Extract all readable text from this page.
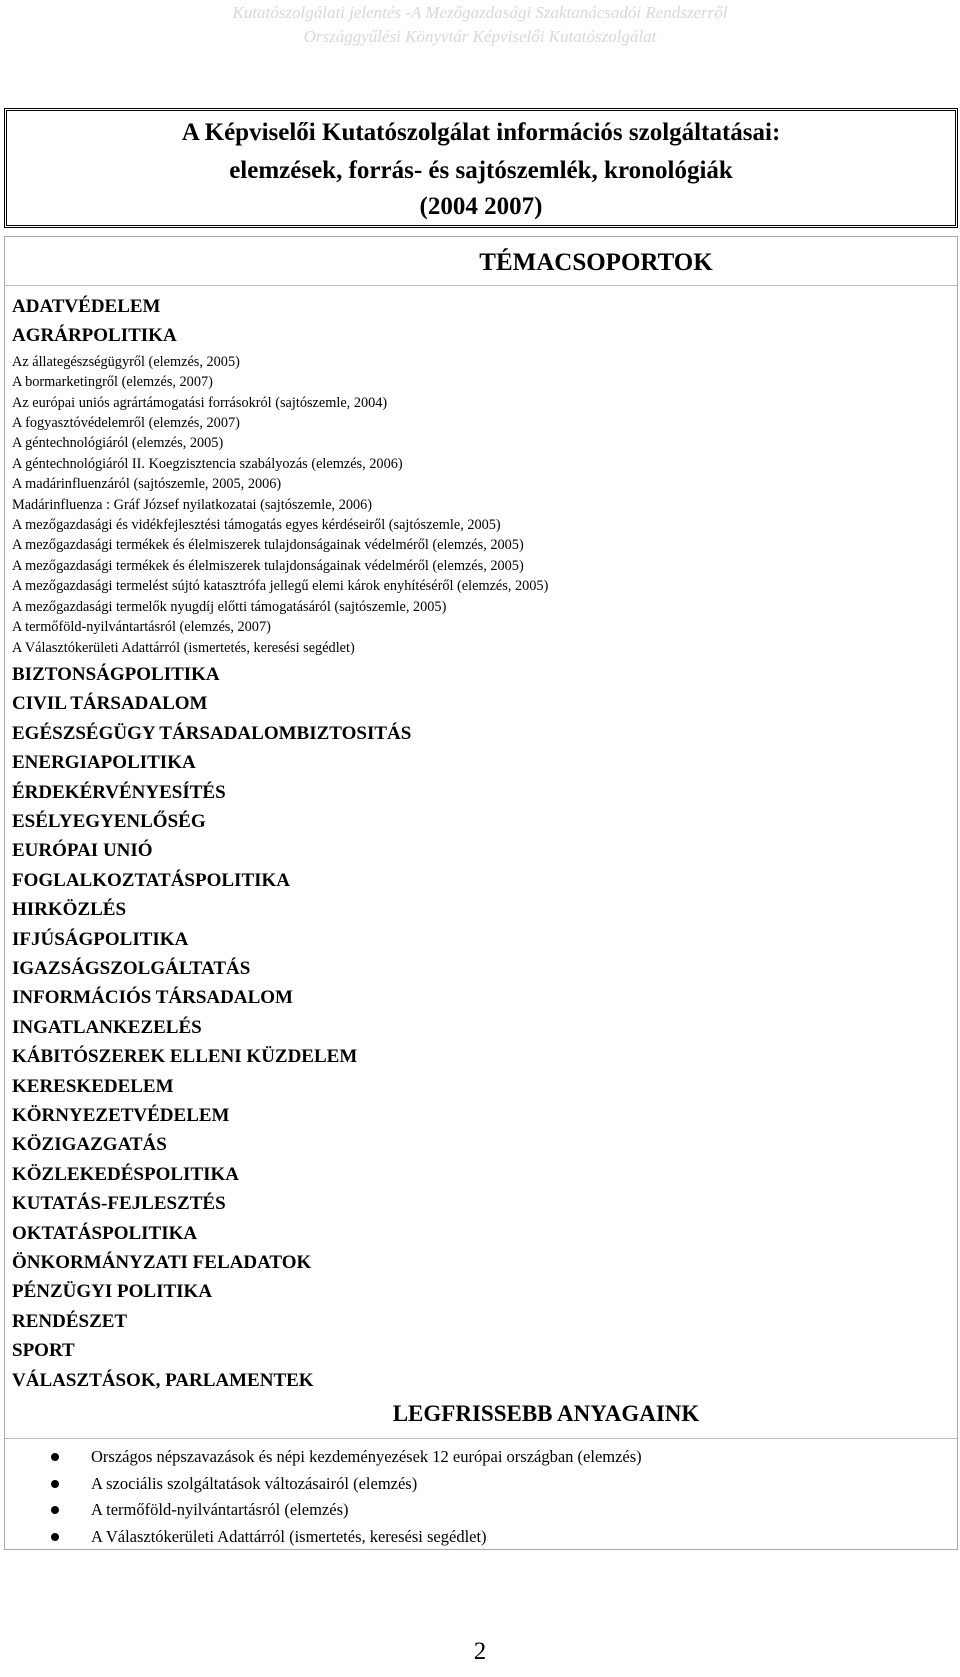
Kutatószolgálati jelentés -A Mezőgazdasági Szaktanácsadói Rendszerről
Országgyűlési Könyvtár Képviselői Kutatószolgálat
A Képviselői Kutatószolgálat információs szolgáltatásai:
elemzések, forrás- és sajtószemlék, kronológiák
(2004 2007)
TÉMACSOPORTOK
ADATVÉDELEM
AGRÁRPOLITIKA
Az állategészségügyről (elemzés, 2005)
A bormarketingről (elemzés, 2007)
Az európai uniós agrártámogatási forrásokról (sajtószemle, 2004)
A fogyasztóvédelemről (elemzés, 2007)
A géntechnológiáról (elemzés, 2005)
A géntechnológiáról II. Koegzisztencia szabályozás (elemzés, 2006)
A madárinfluenzáról (sajtószemle, 2005, 2006)
Madárinfluenza : Gráf József nyilatkozatai (sajtószemle, 2006)
A mezőgazdasági és vidékfejlesztési támogatás egyes kérdéseiről (sajtószemle, 2005)
A mezőgazdasági termékek és élelmiszerek tulajdonságainak védelméről (elemzés, 2005)
A mezőgazdasági termékek és élelmiszerek tulajdonságainak védelméről (elemzés, 2005)
A mezőgazdasági termelést sújtó katasztrófa jellegű elemi károk enyhítéséről (elemzés, 2005)
A mezőgazdasági termelők nyugdíj előtti támogatásáról (sajtószemle, 2005)
A termőföld-nyilvántartásról (elemzés, 2007)
A Választókerületi Adattárról (ismertetés, keresési segédlet)
BIZTONSÁGPOLITIKA
CIVIL TÁRSADALOM
EGÉSZSÉGÜGY TÁRSADALOMBIZTOSITÁS
ENERGIAPOLITIKA
ÉRDEKÉRVÉNYESÍTÉS
ESÉLYEGYENLŐSÉG
EURÓPAI UNIÓ
FOGLALKOZTATÁSPOLITIKA
HIRKÖZLÉS
IFJÚSÁGPOLITIKA
IGAZSÁGSZOLGÁLTATÁS
INFORMÁCIÓS TÁRSADALOM
INGATLANKEZELÉS
KÁBITÓSZEREK ELLENI KÜZDELEM
KERESKEDELEM
KÖRNYEZETVÉDELEM
KÖZIGAZGATÁS
KÖZLEKEDÉSPOLITIKA
KUTATÁS-FEJLESZTÉS
OKTATÁSPOLITIKA
ÖNKORMÁNYZATI FELADATOK
PÉNZÜGYI POLITIKA
RENDÉSZET
SPORT
VÁLASZTÁSOK, PARLAMENTEK
LEGFRISSEBB ANYAGAINK
Országos népszavazások és népi kezdeményezések 12 európai országban (elemzés)
A szociális szolgáltatások változásairól (elemzés)
A termőföld-nyilvántartásról (elemzés)
A Választókerületi Adattárról (ismertetés, keresési segédlet)
2
